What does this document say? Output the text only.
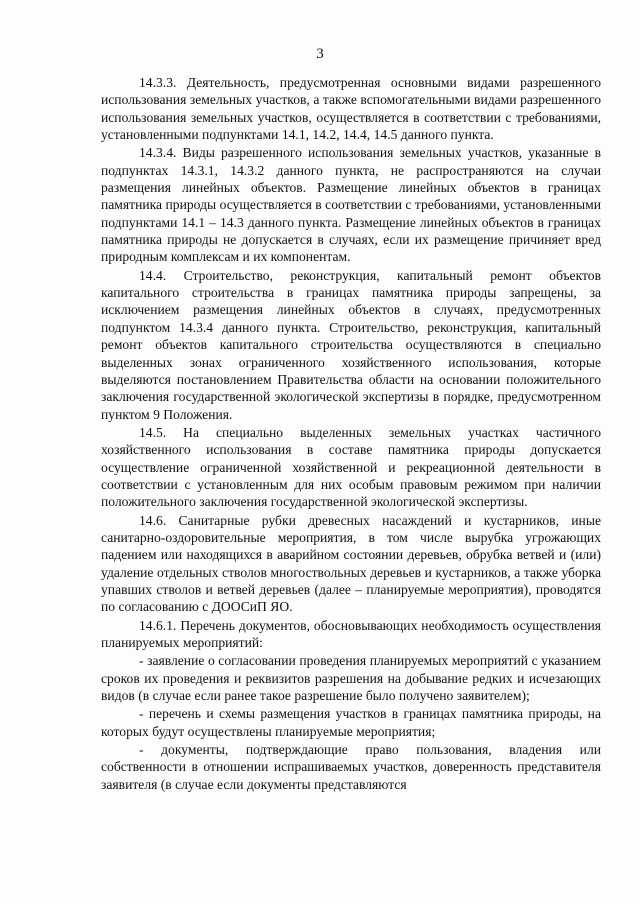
3

14.3.3. Деятельность, предусмотренная основными видами разрешенного использования земельных участков, а также вспомогательными видами разрешенного использования земельных участков, осуществляется в соответствии с требованиями, установленными подпунктами 14.1, 14.2, 14.4, 14.5 данного пункта.

14.3.4. Виды разрешенного использования земельных участков, указанные в подпунктах 14.3.1, 14.3.2 данного пункта, не распространяются на случаи размещения линейных объектов. Размещение линейных объектов в границах памятника природы осуществляется в соответствии с требованиями, установленными подпунктами 14.1 – 14.3 данного пункта. Размещение линейных объектов в границах памятника природы не допускается в случаях, если их размещение причиняет вред природным комплексам и их компонентам.

14.4. Строительство, реконструкция, капитальный ремонт объектов капитального строительства в границах памятника природы запрещены, за исключением размещения линейных объектов в случаях, предусмотренных подпунктом 14.3.4 данного пункта. Строительство, реконструкция, капитальный ремонт объектов капитального строительства осуществляются в специально выделенных зонах ограниченного хозяйственного использования, которые выделяются постановлением Правительства области на основании положительного заключения государственной экологической экспертизы в порядке, предусмотренном пунктом 9 Положения.

14.5. На специально выделенных земельных участках частичного хозяйственного использования в составе памятника природы допускается осуществление ограниченной хозяйственной и рекреационной деятельности в соответствии с установленным для них особым правовым режимом при наличии положительного заключения государственной экологической экспертизы.

14.6. Санитарные рубки древесных насаждений и кустарников, иные санитарно-оздоровительные мероприятия, в том числе вырубка угрожающих падением или находящихся в аварийном состоянии деревьев, обрубка ветвей и (или) удаление отдельных стволов многоствольных деревьев и кустарников, а также уборка упавших стволов и ветвей деревьев (далее – планируемые мероприятия), проводятся по согласованию с ДООСиП ЯО.

14.6.1. Перечень документов, обосновывающих необходимость осуществления планируемых мероприятий:

- заявление о согласовании проведения планируемых мероприятий с указанием сроков их проведения и реквизитов разрешения на добывание редких и исчезающих видов (в случае если ранее такое разрешение было получено заявителем);

- перечень и схемы размещения участков в границах памятника природы, на которых будут осуществлены планируемые мероприятия;

- документы, подтверждающие право пользования, владения или собственности в отношении испрашиваемых участков, доверенность представителя заявителя (в случае если документы представляются
